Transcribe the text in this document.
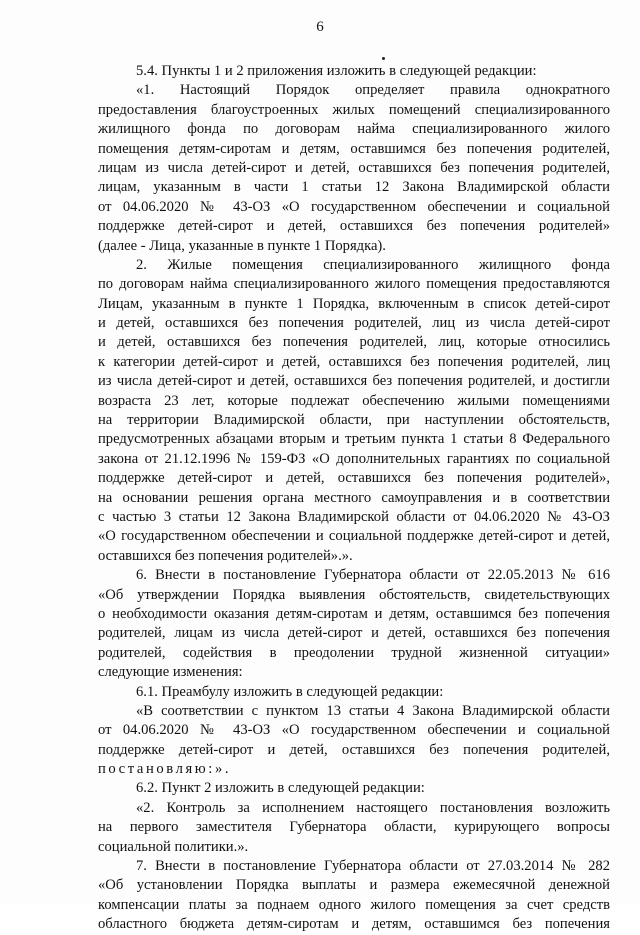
6
5.4. Пункты 1 и 2 приложения изложить в следующей редакции:
«1. Настоящий Порядок определяет правила однократного
предоставления благоустроенных жилых помещений специализированного
жилищного фонда по договорам найма специализированного жилого
помещения детям-сиротам и детям, оставшимся без попечения родителей,
лицам из числа детей-сирот и детей, оставшихся без попечения родителей,
лицам, указанным в части 1 статьи 12 Закона Владимирской области
от 04.06.2020 № 43-ОЗ «О государственном обеспечении и социальной
поддержке детей-сирот и детей, оставшихся без попечения родителей»
(далее - Лица, указанные в пункте 1 Порядка).
2. Жилые помещения специализированного жилищного фонда
по договорам найма специализированного жилого помещения предоставляются
Лицам, указанным в пункте 1 Порядка, включенным в список детей-сирот
и детей, оставшихся без попечения родителей, лиц из числа детей-сирот
и детей, оставшихся без попечения родителей, лиц, которые относились
к категории детей-сирот и детей, оставшихся без попечения родителей, лиц
из числа детей-сирот и детей, оставшихся без попечения родителей, и достигли
возраста 23 лет, которые подлежат обеспечению жилыми помещениями
на территории Владимирской области, при наступлении обстоятельств,
предусмотренных абзацами вторым и третьим пункта 1 статьи 8 Федерального
закона от 21.12.1996 № 159-ФЗ «О дополнительных гарантиях по социальной
поддержке детей-сирот и детей, оставшихся без попечения родителей»,
на основании решения органа местного самоуправления и в соответствии
с частью 3 статьи 12 Закона Владимирской области от 04.06.2020 № 43-ОЗ
«О государственном обеспечении и социальной поддержке детей-сирот и детей,
оставшихся без попечения родителей».».
6. Внести в постановление Губернатора области от 22.05.2013 № 616
«Об утверждении Порядка выявления обстоятельств, свидетельствующих
о необходимости оказания детям-сиротам и детям, оставшимся без попечения
родителей, лицам из числа детей-сирот и детей, оставшихся без попечения
родителей, содействия в преодолении трудной жизненной ситуации»
следующие изменения:
6.1. Преамбулу изложить в следующей редакции:
«В соответствии с пунктом 13 статьи 4 Закона Владимирской области
от 04.06.2020 № 43-ОЗ «О государственном обеспечении и социальной
поддержке детей-сирот и детей, оставшихся без попечения родителей,
постановляю:».
6.2. Пункт 2 изложить в следующей редакции:
«2. Контроль за исполнением настоящего постановления возложить
на первого заместителя Губернатора области, курирующего вопросы
социальной политики.».
7. Внести в постановление Губернатора области от 27.03.2014 № 282
«Об установлении Порядка выплаты и размера ежемесячной денежной
компенсации платы за поднаем одного жилого помещения за счет средств
областного бюджета детям-сиротам и детям, оставшимся без попечения
